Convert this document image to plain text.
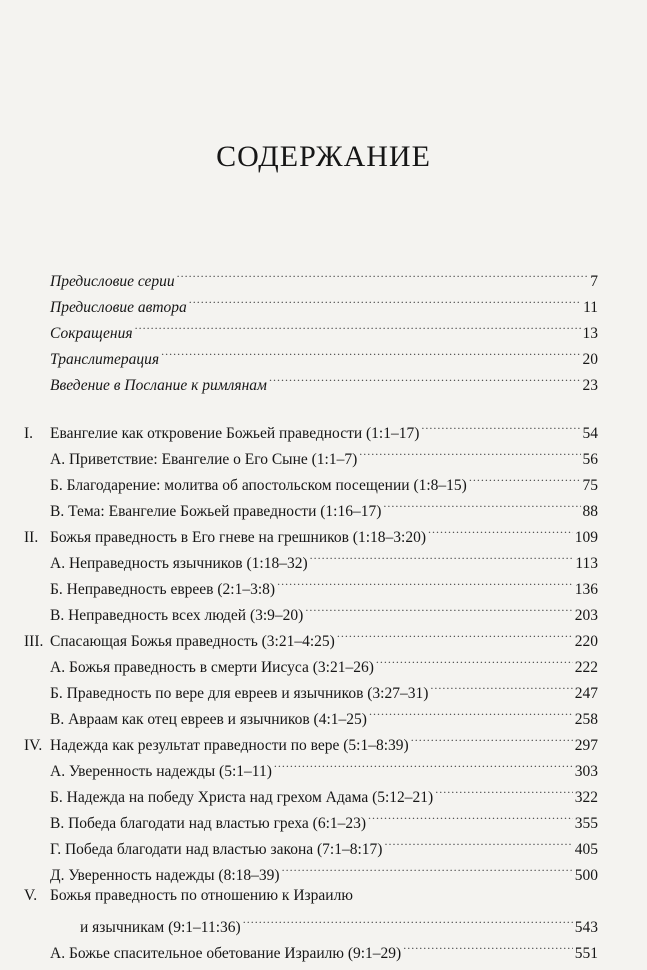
СОДЕРЖАНИЕ
Предисловие серии .....	7
Предисловие автора .....	11
Сокращения .....	13
Транслитерация .....	20
Введение в Послание к римлянам .....	23
I. Евангелие как откровение Божьей праведности (1:1–17) .....	54
А. Приветствие: Евангелие о Его Сыне (1:1–7) .....	56
Б. Благодарение: молитва об апостольском посещении (1:8–15) .....	75
В. Тема: Евангелие Божьей праведности (1:16–17) .....	88
II. Божья праведность в Его гневе на грешников (1:18–3:20) .....	109
А. Неправедность язычников (1:18–32) .....	113
Б. Неправедность евреев (2:1–3:8) .....	136
В. Неправедность всех людей (3:9–20) .....	203
III. Спасающая Божья праведность (3:21–4:25) .....	220
А. Божья праведность в смерти Иисуса (3:21–26) .....	222
Б. Праведность по вере для евреев и язычников (3:27–31) .....	247
В. Авраам как отец евреев и язычников (4:1–25) .....	258
IV. Надежда как результат праведности по вере (5:1–8:39) .....	297
А. Уверенность надежды (5:1–11) .....	303
Б. Надежда на победу Христа над грехом Адама (5:12–21) .....	322
В. Победа благодати над властью греха (6:1–23) .....	355
Г. Победа благодати над властью закона (7:1–8:17) .....	405
Д. Уверенность надежды (8:18–39) .....	500
V. Божья праведность по отношению к Израилю
и язычникам (9:1–11:36) .....	543
А. Божье спасительное обетование Израилю (9:1–29) .....	551
